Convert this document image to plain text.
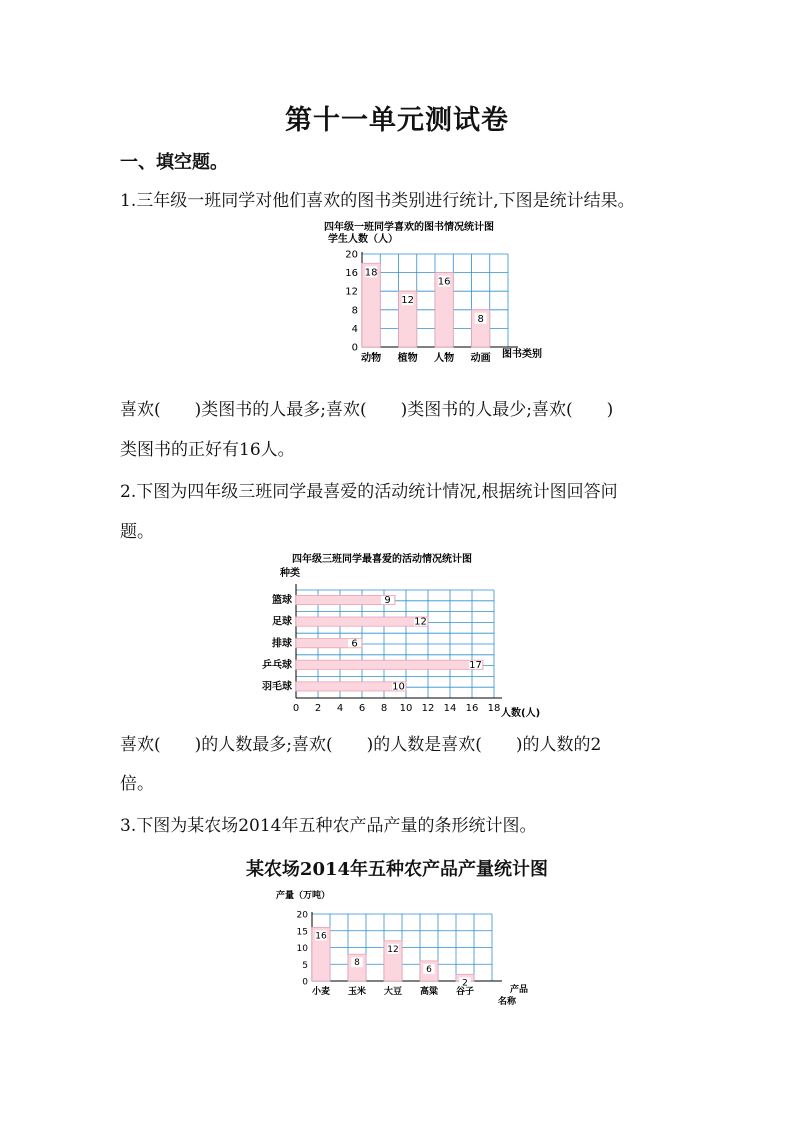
第十一单元测试卷
一、填空题。
1.三年级一班同学对他们喜欢的图书类别进行统计,下图是统计结果。
四年级一班同学喜欢的图书情况统计图
学生人数（人）
0
4
8
12
16
20
18
动物
12
植物
16
人物
8
动画 图书类别
喜欢(　　)类图书的人最多;喜欢(　　)类图书的人最少;喜欢(　　)
类图书的正好有16人。
2.下图为四年级三班同学最喜爱的活动统计情况,根据统计图回答问
题。
四年级三班同学最喜爱的活动情况统计图
种类
0 2 4 6 8 10 12 14 16 18
9
篮球
12
足球
6
排球
17
乒乓球
10
羽毛球
人数(人)
喜欢(　　)的人数最多;喜欢(　　)的人数是喜欢(　　)的人数的2
倍。
3.下图为某农场2014年五种农产品产量的条形统计图。
某农场2014年五种农产品产量统计图
产量（万吨）
0
5
10
15
20
16
小麦
8
玉米
12
大豆
6
高粱
2
谷子	产品
名称
